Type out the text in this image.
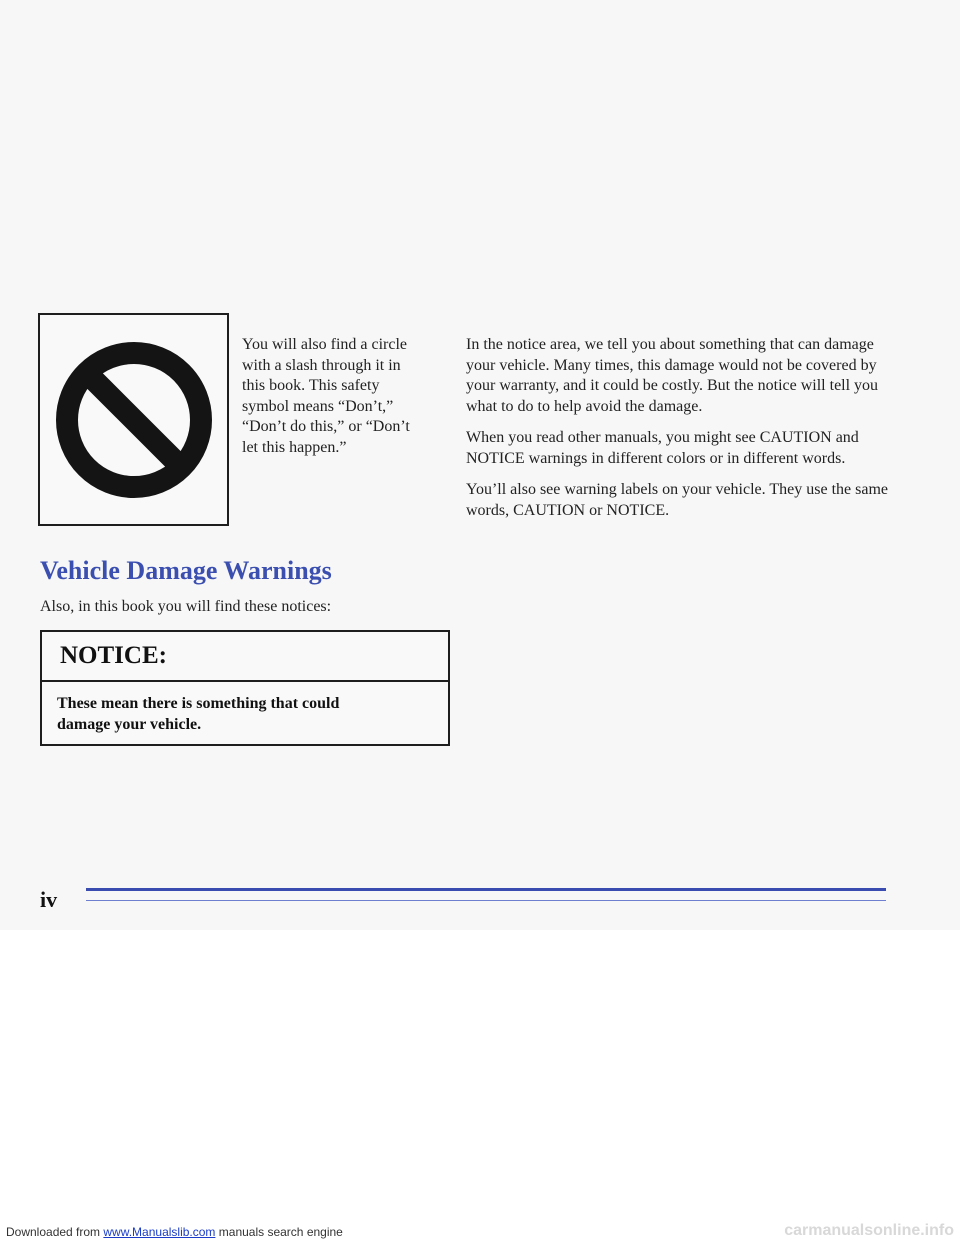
You will also find a circle
with a slash through it in
this book. This safety
symbol means “Don’t,”
“Don’t do this,” or “Don’t
let this happen.”
Vehicle Damage Warnings
Also, in this book you will find these notices:
NOTICE:
These mean there is something that could
damage your vehicle.

In the notice area, we tell you about something that can damage your vehicle. Many times, this damage would not be covered by your warranty, and it could be costly. But the notice will tell you what to do to help avoid the damage.

When you read other manuals, you might see CAUTION and NOTICE warnings in different colors or in different words.

You’ll also see warning labels on your vehicle. They use the same words, CAUTION or NOTICE.

iv
Downloaded from www.Manualslib.com manuals search engine	carmanualsonline.info
